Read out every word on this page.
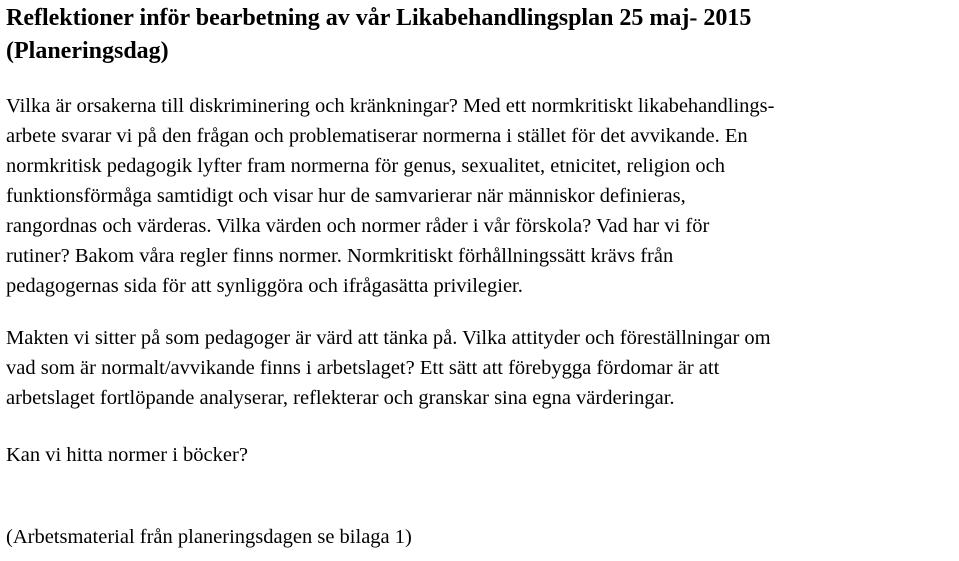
Reflektioner inför bearbetning av vår Likabehandlingsplan 25 maj- 2015
(Planeringsdag)

Vilka är orsakerna till diskriminering och kränkningar? Med ett normkritiskt likabehandlings-
arbete svarar vi på den frågan och problematiserar normerna i stället för det avvikande. En
normkritisk pedagogik lyfter fram normerna för genus, sexualitet, etnicitet, religion och
funktionsförmåga samtidigt och visar hur de samvarierar när människor definieras,
rangordnas och värderas. Vilka värden och normer råder i vår förskola? Vad har vi för
rutiner? Bakom våra regler finns normer. Normkritiskt förhållningssätt krävs från
pedagogernas sida för att synliggöra och ifrågasätta privilegier.

Makten vi sitter på som pedagoger är värd att tänka på. Vilka attityder och föreställningar om
vad som är normalt/avvikande finns i arbetslaget? Ett sätt att förebygga fördomar är att
arbetslaget fortlöpande analyserar, reflekterar och granskar sina egna värderingar.

Kan vi hitta normer i böcker?

(Arbetsmaterial från planeringsdagen se bilaga 1)
